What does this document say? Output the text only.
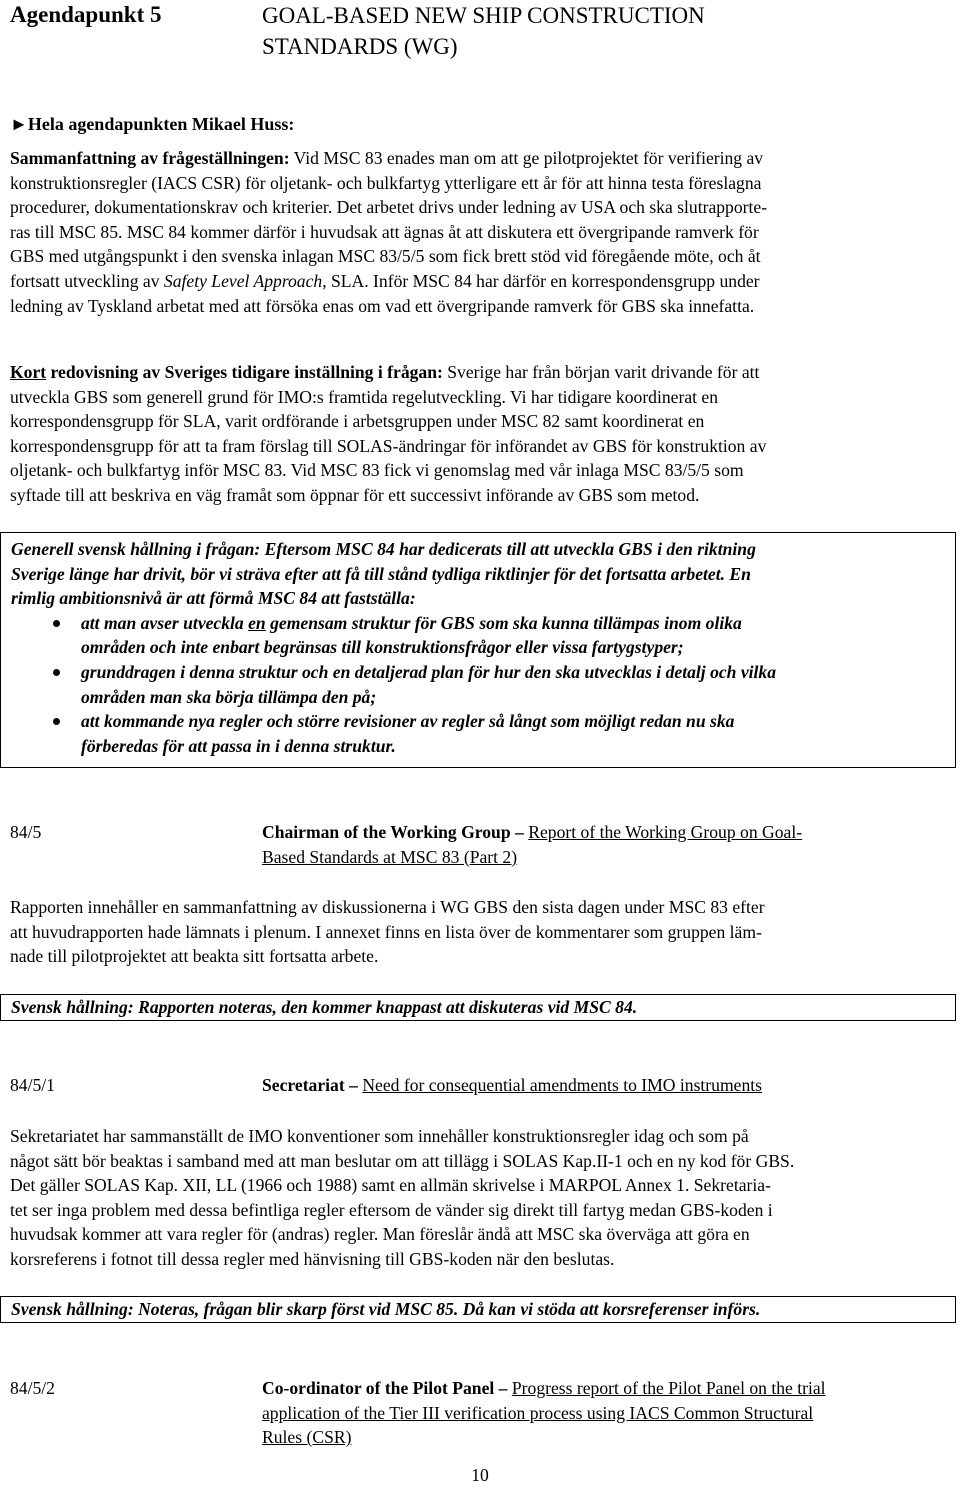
Agendapunkt 5	GOAL-BASED NEW SHIP CONSTRUCTION
STANDARDS (WG)
►Hela agendapunkten Mikael Huss:
Sammanfattning av frågeställningen: Vid MSC 83 enades man om att ge pilotprojektet för verifiering av
konstruktionsregler (IACS CSR) för oljetank- och bulkfartyg ytterligare ett år för att hinna testa föreslagna
procedurer, dokumentationskrav och kriterier. Det arbetet drivs under ledning av USA och ska slutrapporte-
ras till MSC 85. MSC 84 kommer därför i huvudsak att ägnas åt att diskutera ett övergripande ramverk för
GBS med utgångspunkt i den svenska inlagan MSC 83/5/5 som fick brett stöd vid föregående möte, och åt
fortsatt utveckling av Safety Level Approach, SLA. Inför MSC 84 har därför en korrespondensgrupp under
ledning av Tyskland arbetat med att försöka enas om vad ett övergripande ramverk för GBS ska innefatta.
Kort redovisning av Sveriges tidigare inställning i frågan: Sverige har från början varit drivande för att
utveckla GBS som generell grund för IMO:s framtida regelutveckling. Vi har tidigare koordinerat en
korrespondensgrupp för SLA, varit ordförande i arbetsgruppen under MSC 82 samt koordinerat en
korrespondensgrupp för att ta fram förslag till SOLAS-ändringar för införandet av GBS för konstruktion av
oljetank- och bulkfartyg inför MSC 83. Vid MSC 83 fick vi genomslag med vår inlaga MSC 83/5/5 som
syftade till att beskriva en väg framåt som öppnar för ett successivt införande av GBS som metod.
Generell svensk hållning i frågan: Eftersom MSC 84 har dedicerats till att utveckla GBS i den riktning
Sverige länge har drivit, bör vi sträva efter att få till stånd tydliga riktlinjer för det fortsatta arbetet. En
rimlig ambitionsnivå är att förmå MSC 84 att fastställa:
att man avser utveckla en gemensam struktur för GBS som ska kunna tillämpas inom olika
områden och inte enbart begränsas till konstruktionsfrågor eller vissa fartygstyper;
grunddragen i denna struktur och en detaljerad plan för hur den ska utvecklas i detalj och vilka
områden man ska börja tillämpa den på;
att kommande nya regler och större revisioner av regler så långt som möjligt redan nu ska
förberedas för att passa in i denna struktur.
84/5	Chairman of the Working Group – Report of the Working Group on Goal-
Based Standards at MSC 83 (Part 2)
Rapporten innehåller en sammanfattning av diskussionerna i WG GBS den sista dagen under MSC 83 efter
att huvudrapporten hade lämnats i plenum. I annexet finns en lista över de kommentarer som gruppen läm-
nade till pilotprojektet att beakta sitt fortsatta arbete.
Svensk hållning: Rapporten noteras, den kommer knappast att diskuteras vid MSC 84.
84/5/1	Secretariat – Need for consequential amendments to IMO instruments
Sekretariatet har sammanställt de IMO konventioner som innehåller konstruktionsregler idag och som på
något sätt bör beaktas i samband med att man beslutar om att tillägg i SOLAS Kap.II-1 och en ny kod för GBS.
Det gäller SOLAS Kap. XII, LL (1966 och 1988) samt en allmän skrivelse i MARPOL Annex 1. Sekretaria-
tet ser inga problem med dessa befintliga regler eftersom de vänder sig direkt till fartyg medan GBS-koden i
huvudsak kommer att vara regler för (andras) regler. Man föreslår ändå att MSC ska överväga att göra en
korsreferens i fotnot till dessa regler med hänvisning till GBS-koden när den beslutas.
Svensk hållning: Noteras, frågan blir skarp först vid MSC 85. Då kan vi stöda att korsreferenser införs.
84/5/2	Co-ordinator of the Pilot Panel – Progress report of the Pilot Panel on the trial
application of the Tier III verification process using IACS Common Structural
Rules (CSR)
10
